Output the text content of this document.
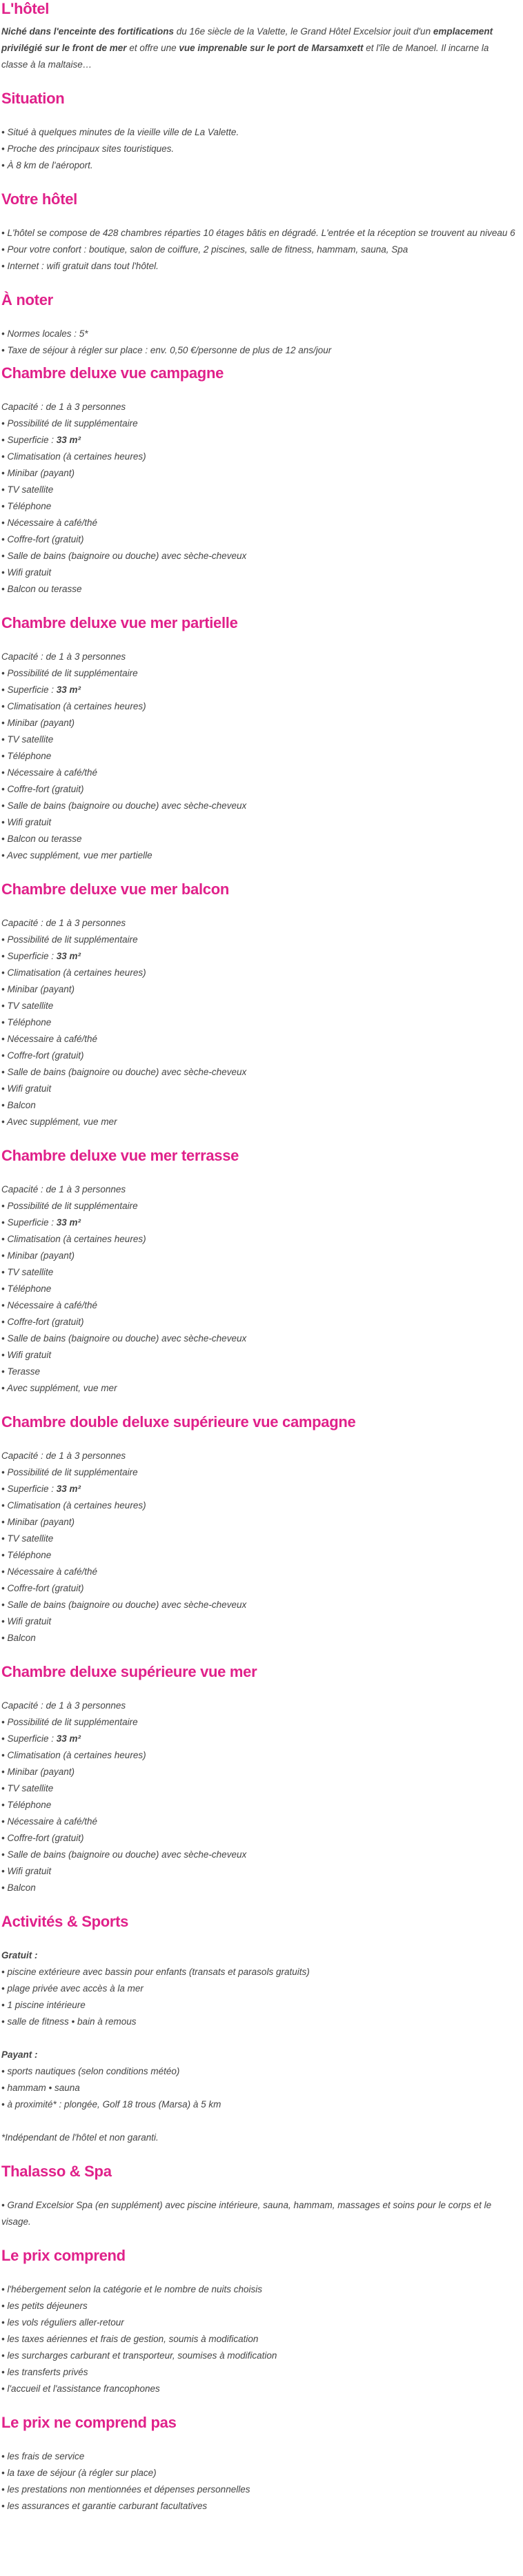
L'hôtel

Niché dans l'enceinte des fortifications du 16e siècle de la Valette, le Grand Hôtel Excelsior jouit d'un emplacement privilégié sur le front de mer et offre une vue imprenable sur le port de Marsamxett et l'île de Manoel. Il incarne la classe à la maltaise…

Situation
• Situé à quelques minutes de la vieille ville de La Valette.
• Proche des principaux sites touristiques.
• À 8 km de l'aéroport.
Votre hôtel
• L'hôtel se compose de 428 chambres réparties 10 étages bâtis en dégradé. L'entrée et la réception se trouvent au niveau 6
• Pour votre confort : boutique, salon de coiffure, 2 piscines, salle de fitness, hammam, sauna, Spa
• Internet : wifi gratuit dans tout l'hôtel.
À noter
• Normes locales : 5*
• Taxe de séjour à régler sur place : env. 0,50 €/personne de plus de 12 ans/jour
Chambre deluxe vue campagne

Capacité : de 1 à 3 personnes

• Possibilité de lit supplémentaire
• Superficie : 33 m²
• Climatisation (à certaines heures)
• Minibar (payant)
• TV satellite
• Téléphone
• Nécessaire à café/thé
• Coffre-fort (gratuit)
• Salle de bains (baignoire ou douche) avec sèche-cheveux
• Wifi gratuit
• Balcon ou terasse
Chambre deluxe vue mer partielle

Capacité : de 1 à 3 personnes

• Possibilité de lit supplémentaire
• Superficie : 33 m²
• Climatisation (à certaines heures)
• Minibar (payant)
• TV satellite
• Téléphone
• Nécessaire à café/thé
• Coffre-fort (gratuit)
• Salle de bains (baignoire ou douche) avec sèche-cheveux
• Wifi gratuit
• Balcon ou terasse
• Avec supplément, vue mer partielle
Chambre deluxe vue mer balcon

Capacité : de 1 à 3 personnes

• Possibilité de lit supplémentaire
• Superficie : 33 m²
• Climatisation (à certaines heures)
• Minibar (payant)
• TV satellite
• Téléphone
• Nécessaire à café/thé
• Coffre-fort (gratuit)
• Salle de bains (baignoire ou douche) avec sèche-cheveux
• Wifi gratuit
• Balcon
• Avec supplément, vue mer
Chambre deluxe vue mer terrasse

Capacité : de 1 à 3 personnes

• Possibilité de lit supplémentaire
• Superficie : 33 m²
• Climatisation (à certaines heures)
• Minibar (payant)
• TV satellite
• Téléphone
• Nécessaire à café/thé
• Coffre-fort (gratuit)
• Salle de bains (baignoire ou douche) avec sèche-cheveux
• Wifi gratuit
• Terasse
• Avec supplément, vue mer
Chambre double deluxe supérieure vue campagne

Capacité : de 1 à 3 personnes

• Possibilité de lit supplémentaire
• Superficie : 33 m²
• Climatisation (à certaines heures)
• Minibar (payant)
• TV satellite
• Téléphone
• Nécessaire à café/thé
• Coffre-fort (gratuit)
• Salle de bains (baignoire ou douche) avec sèche-cheveux
• Wifi gratuit
• Balcon
Chambre deluxe supérieure vue mer

Capacité : de 1 à 3 personnes

• Possibilité de lit supplémentaire
• Superficie : 33 m²
• Climatisation (à certaines heures)
• Minibar (payant)
• TV satellite
• Téléphone
• Nécessaire à café/thé
• Coffre-fort (gratuit)
• Salle de bains (baignoire ou douche) avec sèche-cheveux
• Wifi gratuit
• Balcon
Activités & Sports

Gratuit :

• piscine extérieure avec bassin pour enfants (transats et parasols gratuits)
• plage privée avec accès à la mer
• 1 piscine intérieure
• salle de fitness • bain à remous

Payant :

• sports nautiques (selon conditions météo)
• hammam • sauna
• à proximité* : plongée, Golf 18 trous (Marsa) à 5 km

*Indépendant de l'hôtel et non garanti.

Thalasso & Spa
• Grand Excelsior Spa (en supplément) avec piscine intérieure, sauna, hammam, massages et soins pour le corps et le visage.
Le prix comprend
• l'hébergement selon la catégorie et le nombre de nuits choisis
• les petits déjeuners
• les vols réguliers aller-retour
• les taxes aériennes et frais de gestion, soumis à modification
• les surcharges carburant et transporteur, soumises à modification
• les transferts privés
• l'accueil et l'assistance francophones
Le prix ne comprend pas
• les frais de service
• la taxe de séjour (à régler sur place)
• les prestations non mentionnées et dépenses personnelles
• les assurances et garantie carburant facultatives
